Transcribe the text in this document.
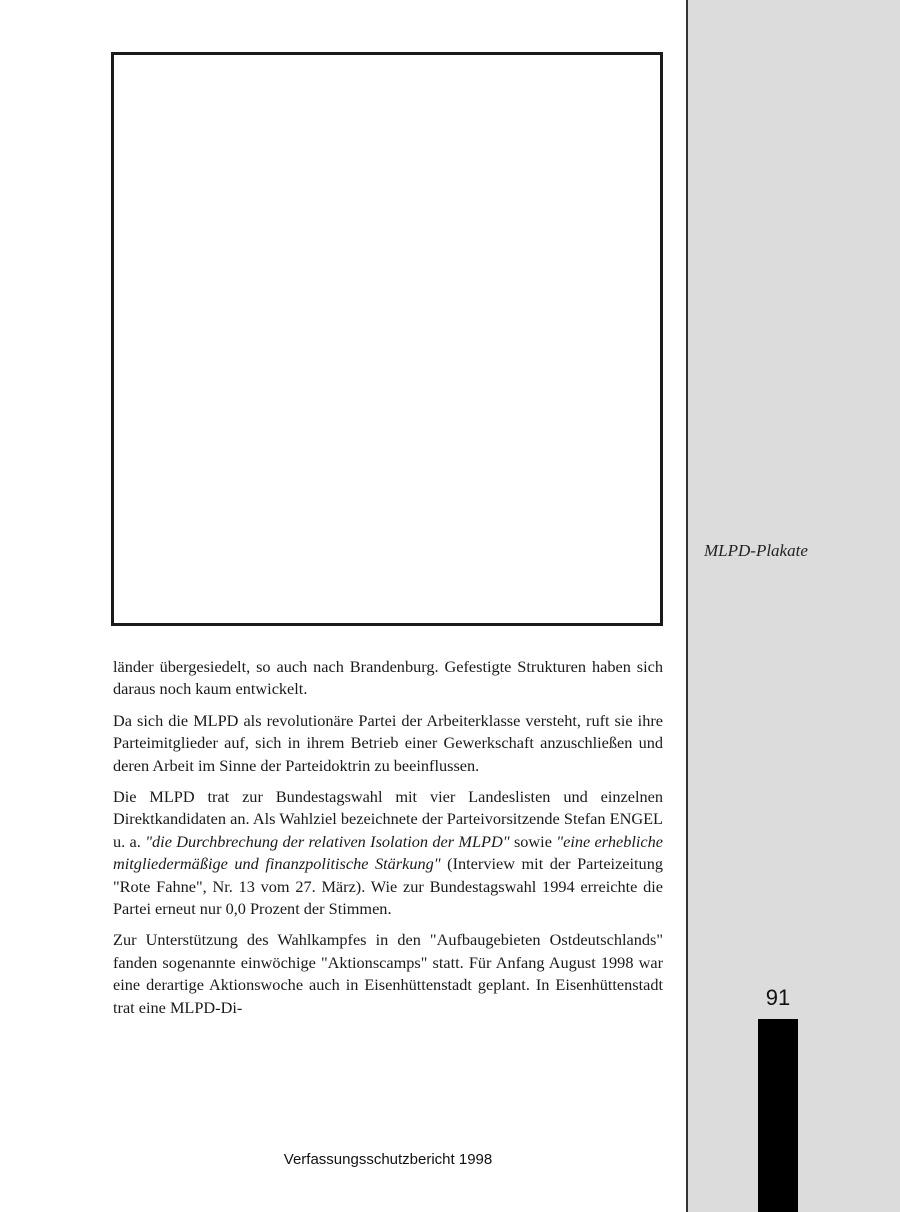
MLPD-Plakate
91

länder übergesiedelt, so auch nach Brandenburg. Gefestigte Strukturen haben sich daraus noch kaum entwickelt.

Da sich die MLPD als revolutionäre Partei der Arbeiterklasse versteht, ruft sie ihre Parteimitglieder auf, sich in ihrem Betrieb einer Gewerkschaft anzuschließen und deren Arbeit im Sinne der Parteidoktrin zu beeinflussen.

Die MLPD trat zur Bundestagswahl mit vier Landeslisten und einzelnen Direktkandidaten an. Als Wahlziel bezeichnete der Parteivorsitzende Stefan ENGEL u. a. "die Durchbrechung der relativen Isolation der MLPD" sowie "eine erhebliche mitgliedermäßige und finanzpolitische Stärkung" (Interview mit der Parteizeitung "Rote Fahne", Nr. 13 vom 27. März). Wie zur Bundestagswahl 1994 erreichte die Partei erneut nur 0,0 Prozent der Stimmen.

Zur Unterstützung des Wahlkampfes in den "Aufbaugebieten Ostdeutschlands" fanden sogenannte einwöchige "Aktionscamps" statt. Für Anfang August 1998 war eine derartige Aktionswoche auch in Eisenhüttenstadt geplant. In Eisenhüttenstadt trat eine MLPD-Di-

Verfassungsschutzbericht 1998
